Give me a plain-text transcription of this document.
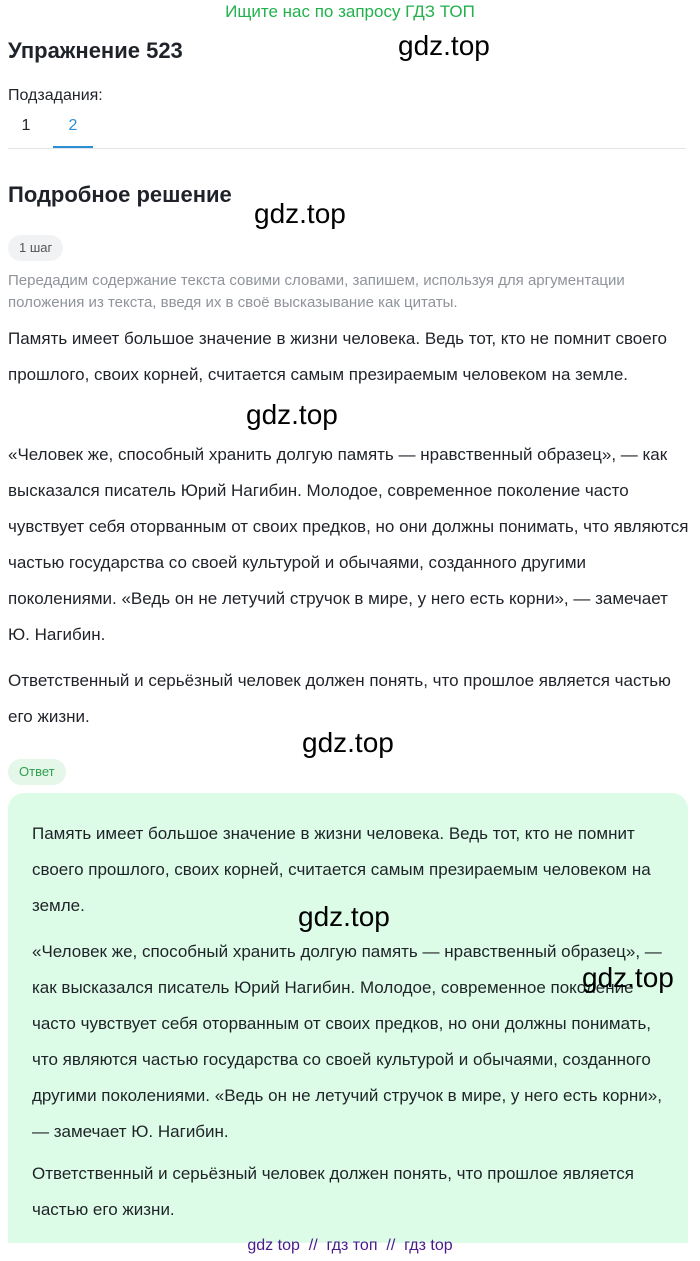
Ищите нас по запросу ГДЗ ТОП
Упражнение 523
Подзадания:
1	2
Подробное решение
1 шаг

Передадим содержание текста совими словами, запишем, используя для аргументации положения из текста, введя их в своё высказывание как цитаты.

Память имеет большое значение в жизни человека. Ведь тот, кто не помнит своего прошлого, своих корней, считается самым презираемым человеком на земле.

«Человек же, способный хранить долгую память — нравственный образец», — как высказался писатель Юрий Нагибин. Молодое, современное поколение часто чувствует себя оторванным от своих предков, но они должны понимать, что являются частью государства со своей культурой и обычаями, созданного другими поколениями. «Ведь он не летучий стручок в мире, у него есть корни», — замечает Ю. Нагибин.

Ответственный и серьёзный человек должен понять, что прошлое является частью его жизни.

Ответ

Память имеет большое значение в жизни человека. Ведь тот, кто не помнит своего прошлого, своих корней, считается самым презираемым человеком на земле.

«Человек же, способный хранить долгую память — нравственный образец», — как высказался писатель Юрий Нагибин. Молодое, современное поколение часто чувствует себя оторванным от своих предков, но они должны понимать, что являются частью государства со своей культурой и обычаями, созданного другими поколениями. «Ведь он не летучий стручок в мире, у него есть корни», — замечает Ю. Нагибин.

Ответственный и серьёзный человек должен понять, что прошлое является частью его жизни.

gdz.top
gdz.top
gdz.top
gdz.top
gdz.top
gdz.top
gdz top  //  гдз топ  //  гдз top
